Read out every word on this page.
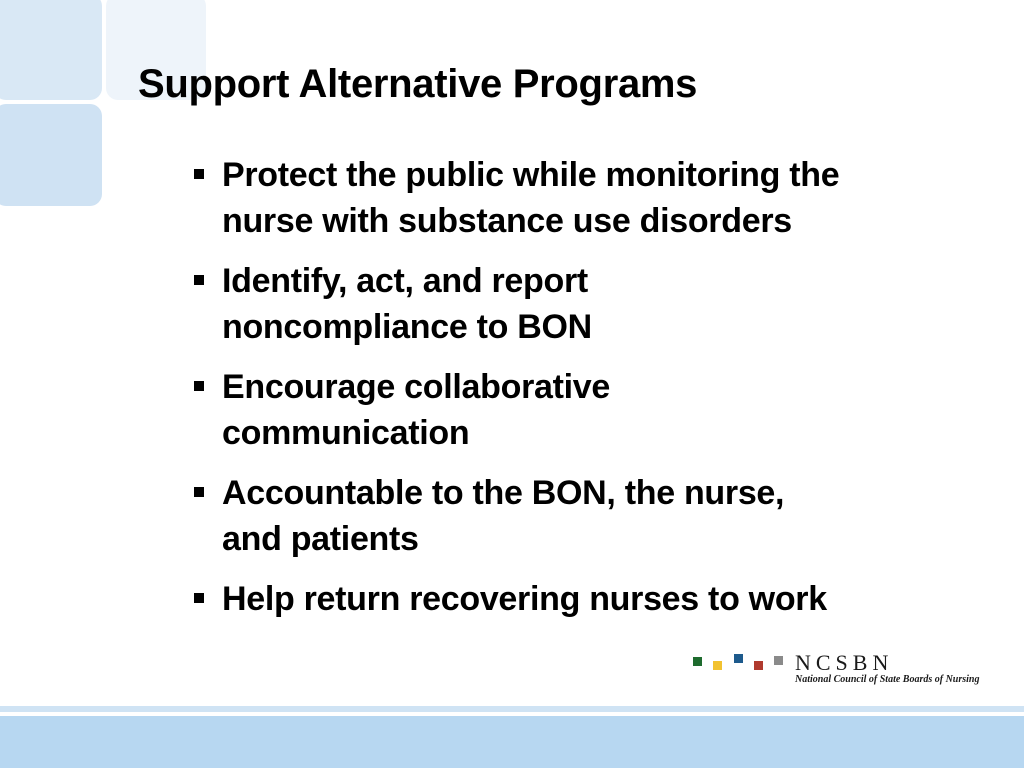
Support Alternative Programs
Protect the public while monitoring the
nurse with substance use disorders
Identify, act, and report
noncompliance to BON
Encourage collaborative
communication
Accountable to the BON, the nurse,
and patients
Help return recovering nurses to work
NCSBN
National Council of State Boards of Nursing
